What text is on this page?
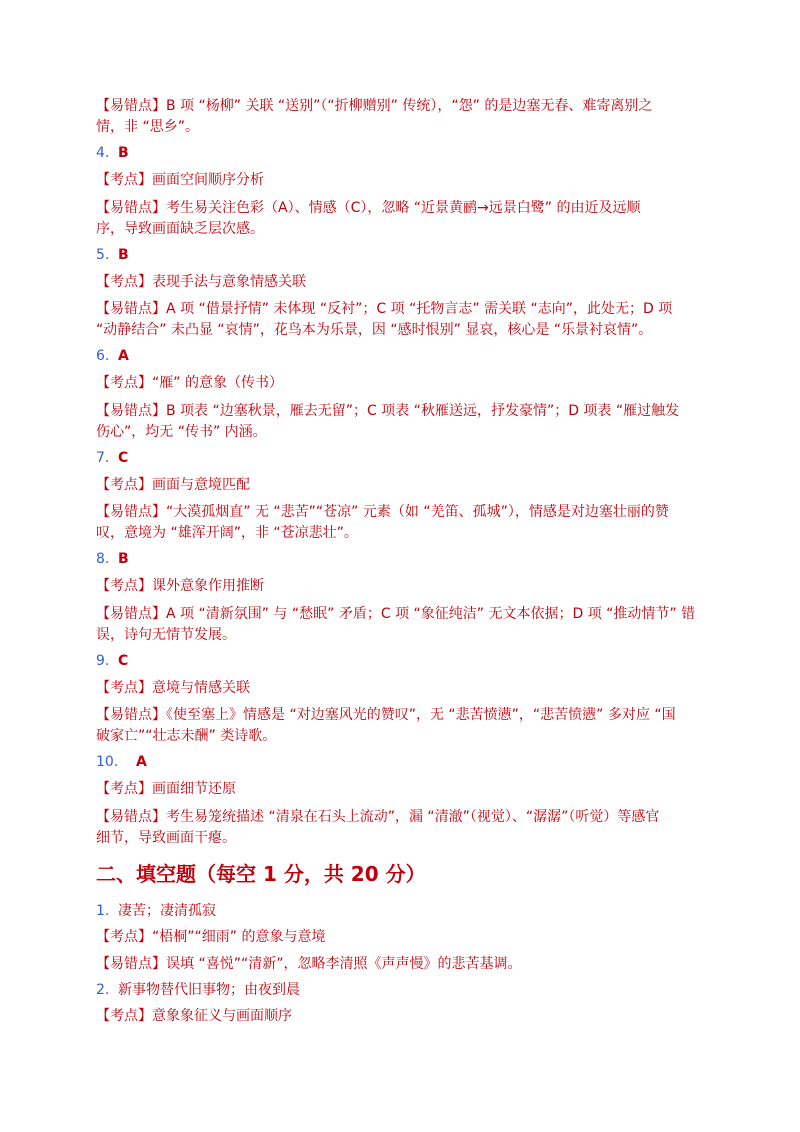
【易错点】B 项 “杨柳” 关联 “送别”（“折柳赠别” 传统），“怨” 的是边塞无春、难寄离别之
情，非 “思乡”。
4. B
【考点】画面空间顺序分析
【易错点】考生易关注色彩（A）、情感（C），忽略 “近景黄鹂→远景白鹭” 的由近及远顺
序，导致画面缺乏层次感。
5. B
【考点】表现手法与意象情感关联
【易错点】A 项 “借景抒情” 未体现 “反衬”；C 项 “托物言志” 需关联 “志向”，此处无；D 项
“动静结合” 未凸显 “哀情”，花鸟本为乐景，因 “感时恨别” 显哀，核心是 “乐景衬哀情”。
6. A
【考点】“雁” 的意象（传书）
【易错点】B 项表 “边塞秋景，雁去无留”；C 项表 “秋雁送远，抒发豪情”；D 项表 “雁过触发
伤心”，均无 “传书” 内涵。
7. C
【考点】画面与意境匹配
【易错点】“大漠孤烟直” 无 “悲苦”“苍凉” 元素（如 “羌笛、孤城”），情感是对边塞壮丽的赞
叹，意境为 “雄浑开阔”，非 “苍凉悲壮”。
8. B
【考点】课外意象作用推断
【易错点】A 项 “清新氛围” 与 “愁眠” 矛盾；C 项 “象征纯洁” 无文本依据；D 项 “推动情节” 错
误，诗句无情节发展。
9. C
【考点】意境与情感关联
【易错点】《使至塞上》情感是 “对边塞风光的赞叹”，无 “悲苦愤懑”，“悲苦愤懑” 多对应 “国
破家亡”“壮志未酬” 类诗歌。
10. A
【考点】画面细节还原
【易错点】考生易笼统描述 “清泉在石头上流动”，漏 “清澈”（视觉）、“潺潺”（听觉）等感官
细节，导致画面干瘪。
二、填空题（每空 1 分，共 20 分）
1. 凄苦；凄清孤寂
【考点】“梧桐”“细雨” 的意象与意境
【易错点】误填 “喜悦”“清新”，忽略李清照《声声慢》的悲苦基调。
2. 新事物替代旧事物；由夜到晨
【考点】意象象征义与画面顺序
